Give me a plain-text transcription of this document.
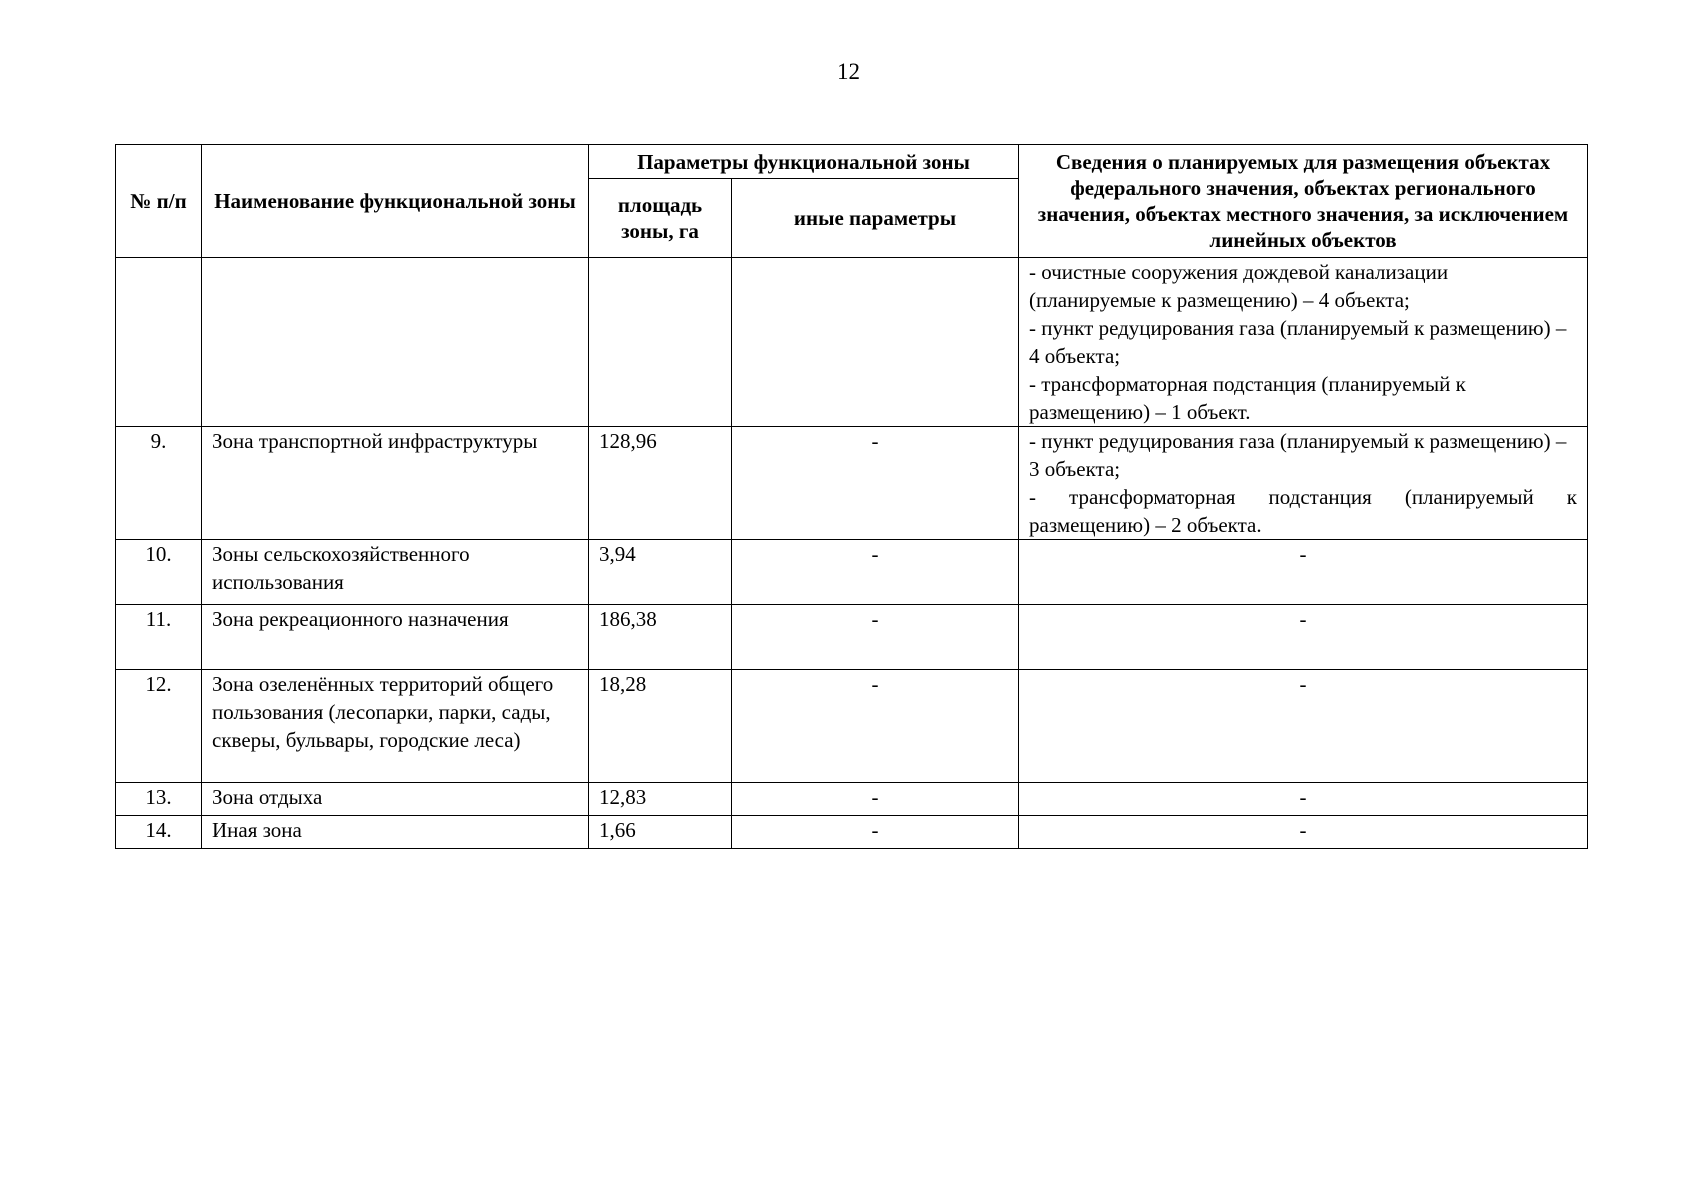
12
№ п/п	Наименование функциональной зоны	Параметры функциональной зоны		Сведения о планируемых для размещения объектах федерального значения, объектах регионального значения, объектах местного значения, за исключением линейных объектов
		площадь зоны, га	иные параметры	

				- очистные сооружения дождевой канализации (планируемые к размещению) – 4 объекта;
- пункт редуцирования газа (планируемый к размещению) – 4 объекта;
- трансформаторная подстанция (планируемый к размещению) – 1 объект.

9.	Зона транспортной инфраструктуры	128,96	-	- пункт редуцирования газа (планируемый к размещению) – 3 объекта;
- трансформаторная подстанция (планируемый к размещению) – 2 объекта.

10.	Зоны сельскохозяйственного использования	3,94	-	-
11.	Зона рекреационного назначения	186,38	-	-
12.	Зона озеленённых территорий общего пользования (лесопарки, парки, сады, скверы, бульвары, городские леса)	18,28	-	-
13.	Зона отдыха	12,83	-	-
14.	Иная зона	1,66	-	-
